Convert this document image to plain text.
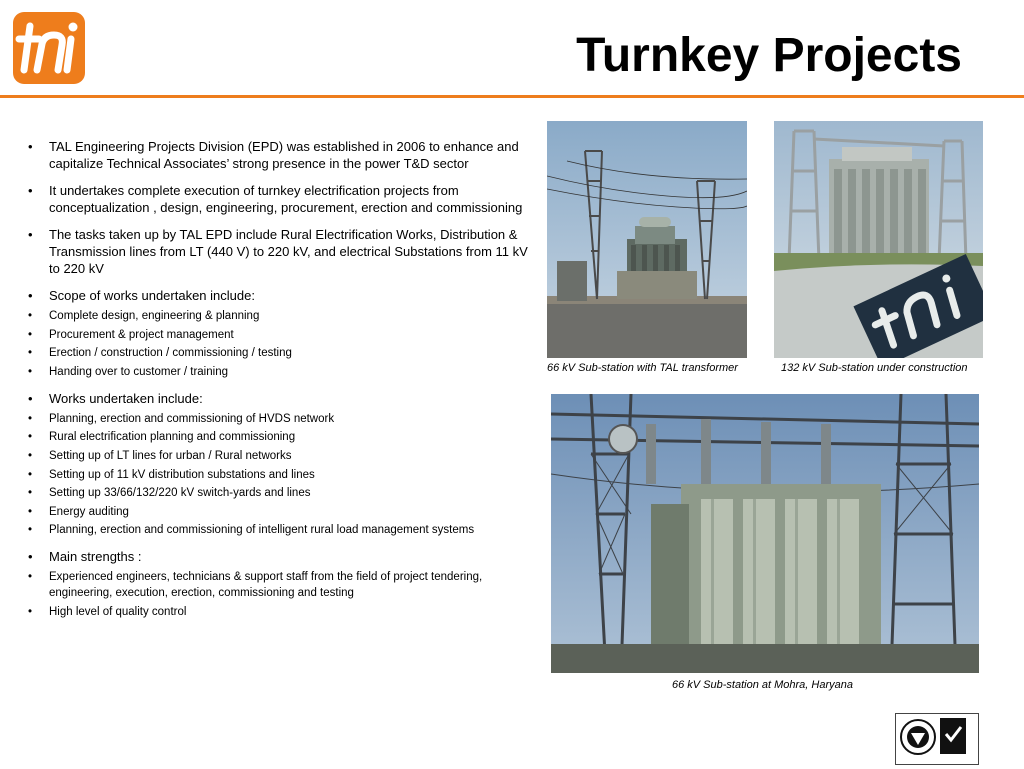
Turnkey Projects
• TAL Engineering Projects Division (EPD) was established in 2006 to enhance and capitalize Technical Associates’ strong presence in the power T&D sector
• It undertakes complete execution of turnkey electrification projects from conceptualization , design, engineering, procurement, erection and commissioning
• The tasks taken up by TAL EPD include Rural Electrification Works, Distribution & Transmission lines from LT (440 V) to 220 kV, and electrical Substations from 11 kV to 220 kV
• Scope of works undertaken include:
• Complete design, engineering & planning
• Procurement & project management
• Erection / construction / commissioning / testing
• Handing over to customer / training
• Works undertaken include:
• Planning, erection and commissioning of HVDS network
• Rural electrification planning and commissioning
• Setting up of LT lines for urban / Rural networks
• Setting up of 11 kV distribution substations and lines
• Setting up 33/66/132/220 kV switch-yards and lines
• Energy auditing
• Planning, erection and commissioning of intelligent rural load management systems
• Main strengths :
• Experienced engineers, technicians & support staff from the field of project tendering, engineering, execution, erection, commissioning and testing
• High level of quality control
66 kV Sub-station with TAL transformer	132 kV Sub-station under construction
66 kV Sub-station at Mohra, Haryana
